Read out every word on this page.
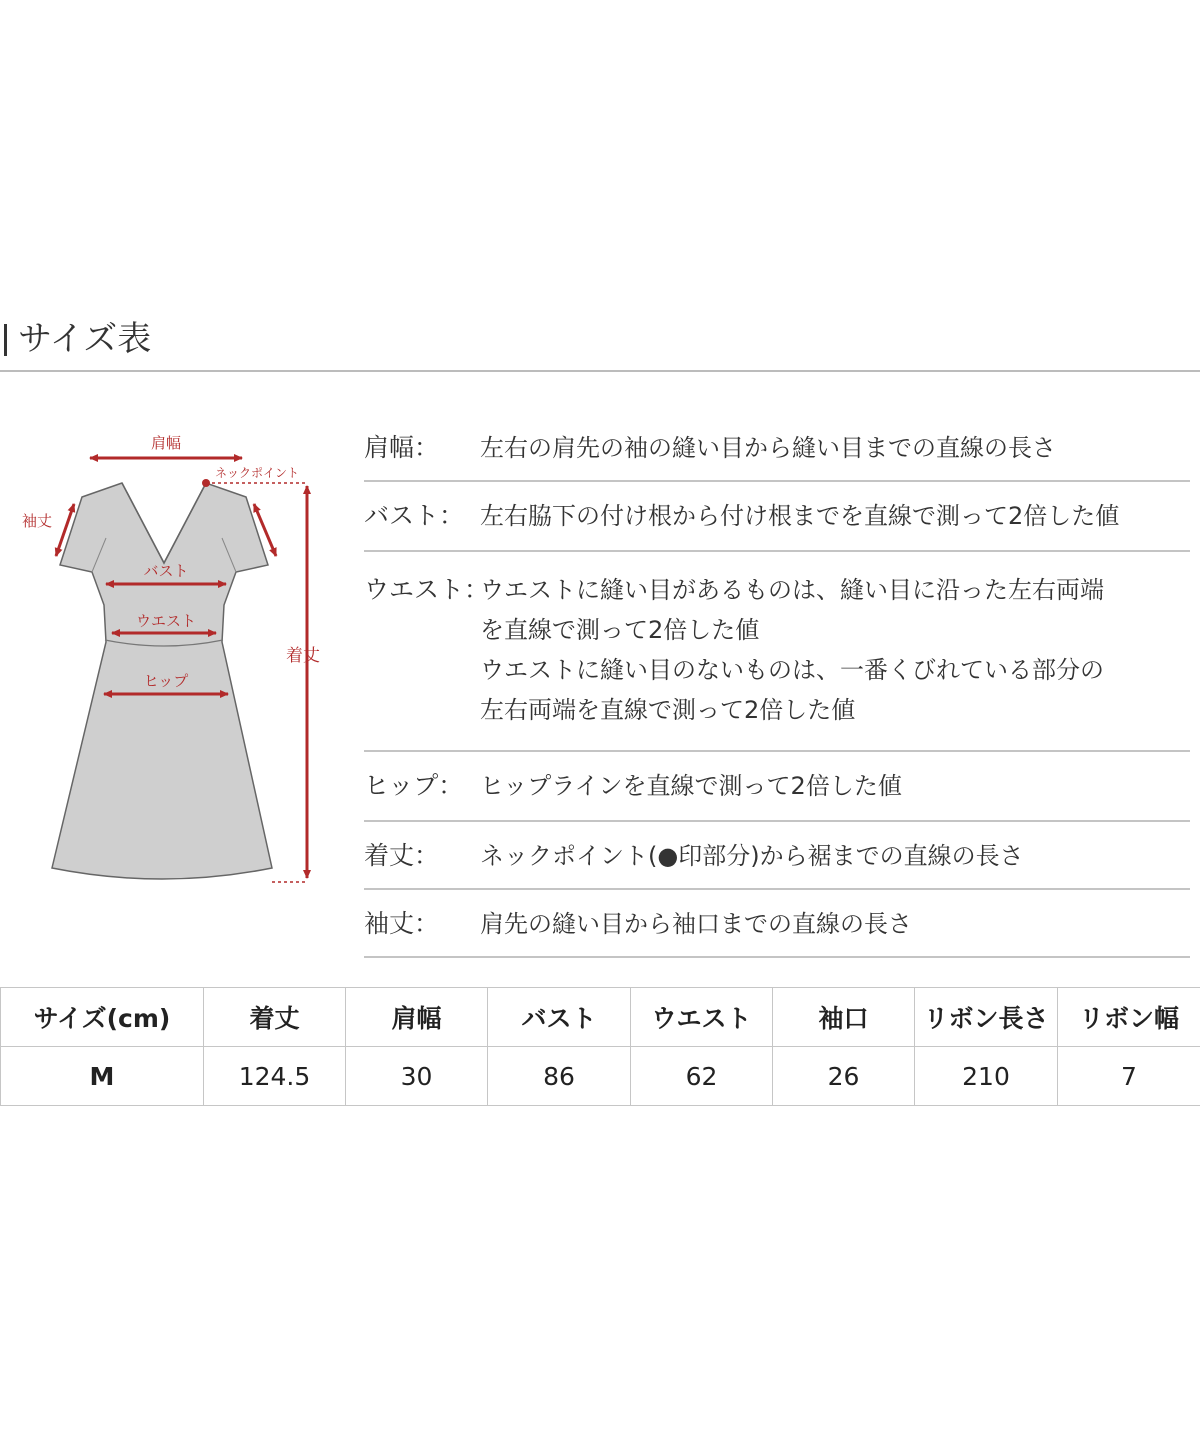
サイズ表
肩幅
ネックポイント
袖丈
バスト
ウエスト
ヒップ
着丈
肩幅： 左右の肩先の袖の縫い目から縫い目までの直線の長さ
バスト： 左右脇下の付け根から付け根までを直線で測って2倍した値
ウエスト：
ウエストに縫い目があるものは、縫い目に沿った左右両端
を直線で測って2倍した値
ウエストに縫い目のないものは、一番くびれている部分の
左右両端を直線で測って2倍した値
ヒップ： ヒップラインを直線で測って2倍した値
着丈： ネックポイント(●印部分)から裾までの直線の長さ
袖丈： 肩先の縫い目から袖口までの直線の長さ
サイズ(cm)	着丈	肩幅	バスト	ウエスト	袖口	リボン長さ	リボン幅
M	124.5	30	86	62	26	210	7
